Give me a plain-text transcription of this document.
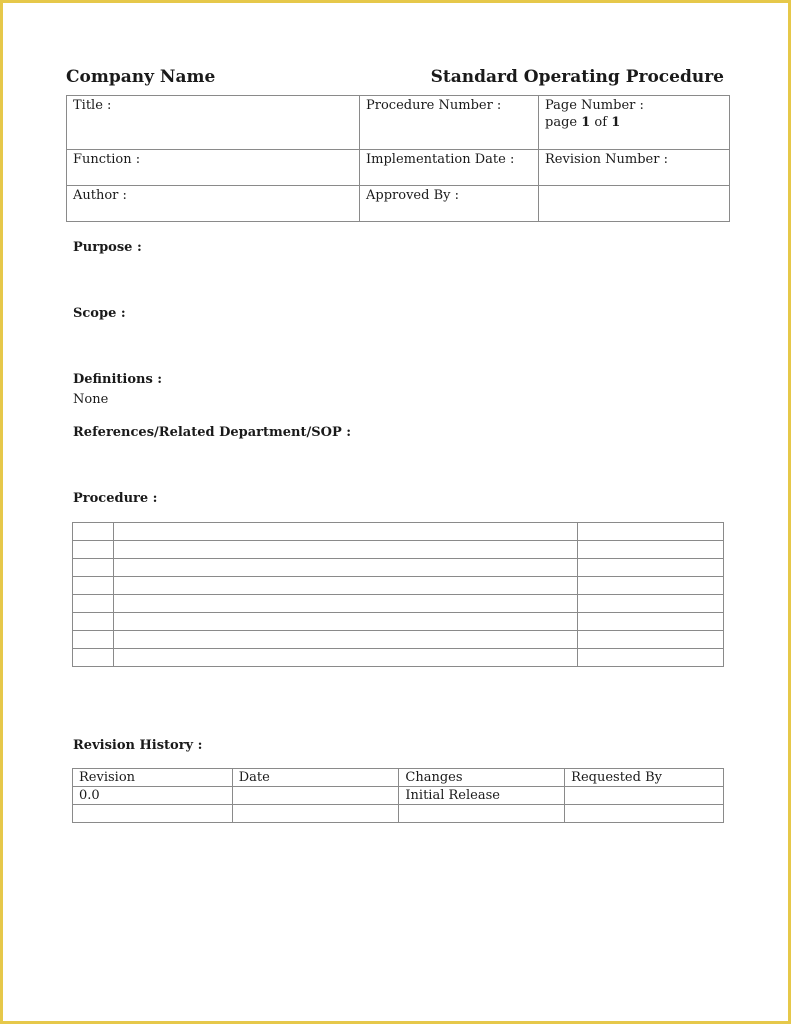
Company Name	Standard Operating Procedure
Title :	Procedure Number :	Page Number :
page 1 of 1

Function :	Implementation Date :	Revision Number :
Author :	Approved By :	
Purpose :
Scope :
Definitions :
None
References/Related Department/SOP :
Procedure :

Revision History :
Revision	Date	Changes	Requested By
0.0		Initial Release	
